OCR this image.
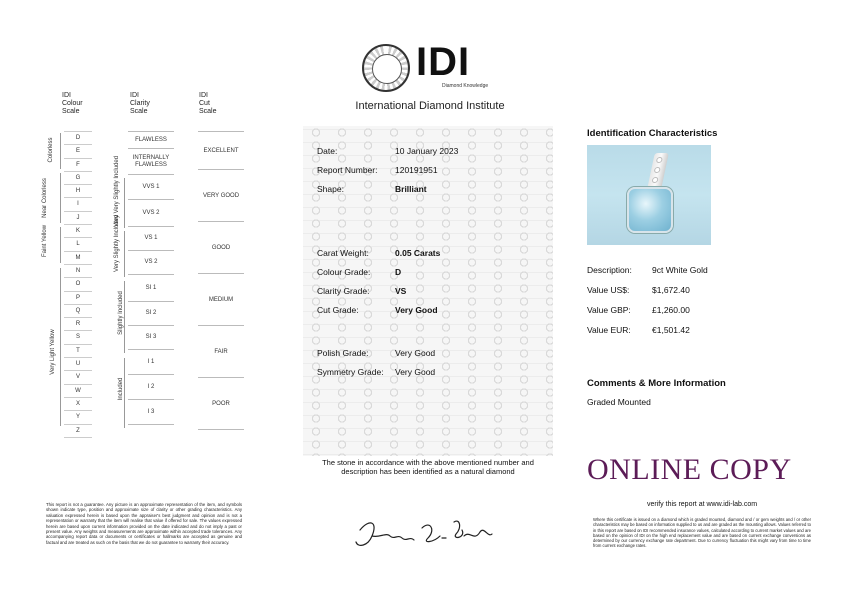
IDI
Diamond Knowledge
International Diamond Institute
IDI
Colour
Scale
IDI
Clarity
Scale
IDI
Cut
Scale
D
E
F
G
H
I
J
K
L
M
N
O
P
Q
R
S
T
U
V
W
X
Y
Z
Colorless
Near Colorless
Faint Yellow
Very Light Yellow
FLAWLESS
INTERNALLY FLAWLESS
VVS 1
VVS 2
VS 1
VS 2
SI 1
SI 2
SI 3
I 1
I 2
I 3
Very Very Slightly Included
Very Slightly Included
Slightly Included
Included
EXCELLENT
VERY GOOD
GOOD
MEDIUM
FAIR
POOR
This report is not a guarantee. Any picture is an approximate representation of the item, and symbols shown indicate type, position and approximate size of clarity or other grading characteristics. Any valuation expressed herein is based upon the appraiser's best judgment and opinion and is not a representation or warranty that the item will realise that value if offered for sale. The values expressed herein are based upon current information provided on the date indicated and do not imply a past or present value. Any weights and measurements are approximate within accepted trade tolerances. Any accompanying report data or documents or certificates or hallmarks are accepted as genuine and factual and are treated as such on the basis that we do not guarantee to warranty their accuracy.
Date:	10 January 2023
Report Number: 120191951
Shape:	Brilliant
Carat Weight:	0.05 Carats
Colour Grade:	D
Clarity Grade:	VS
Cut Grade:	Very Good
Polish Grade:	Very Good
Symmetry Grade: Very Good
The stone in accordance with the above mentioned number and description has been identified as a natural diamond
Identification Characteristics
Description: 9ct White Gold
Value US$:	$1,672.40
Value GBP: £1,260.00
Value EUR: €1,501.42
Comments & More Information
Graded Mounted
ONLINE COPY
verify this report at www.idi-lab.com
Where this certificate is issued on a diamond which is graded mounted, diamond and / or gem weights and / or other characteristics may be based on information supplied to us and are graded as the mounting allows. Values referred to in this report are based on IDI recommended insurance values, calculated according to current market values and are based on the opinion of IDI on the high end replacement value and are based on current exchange conversions as determined by our currency exchange rate department. Due to currency fluctuation this might vary from time to time from current exchange rates.
